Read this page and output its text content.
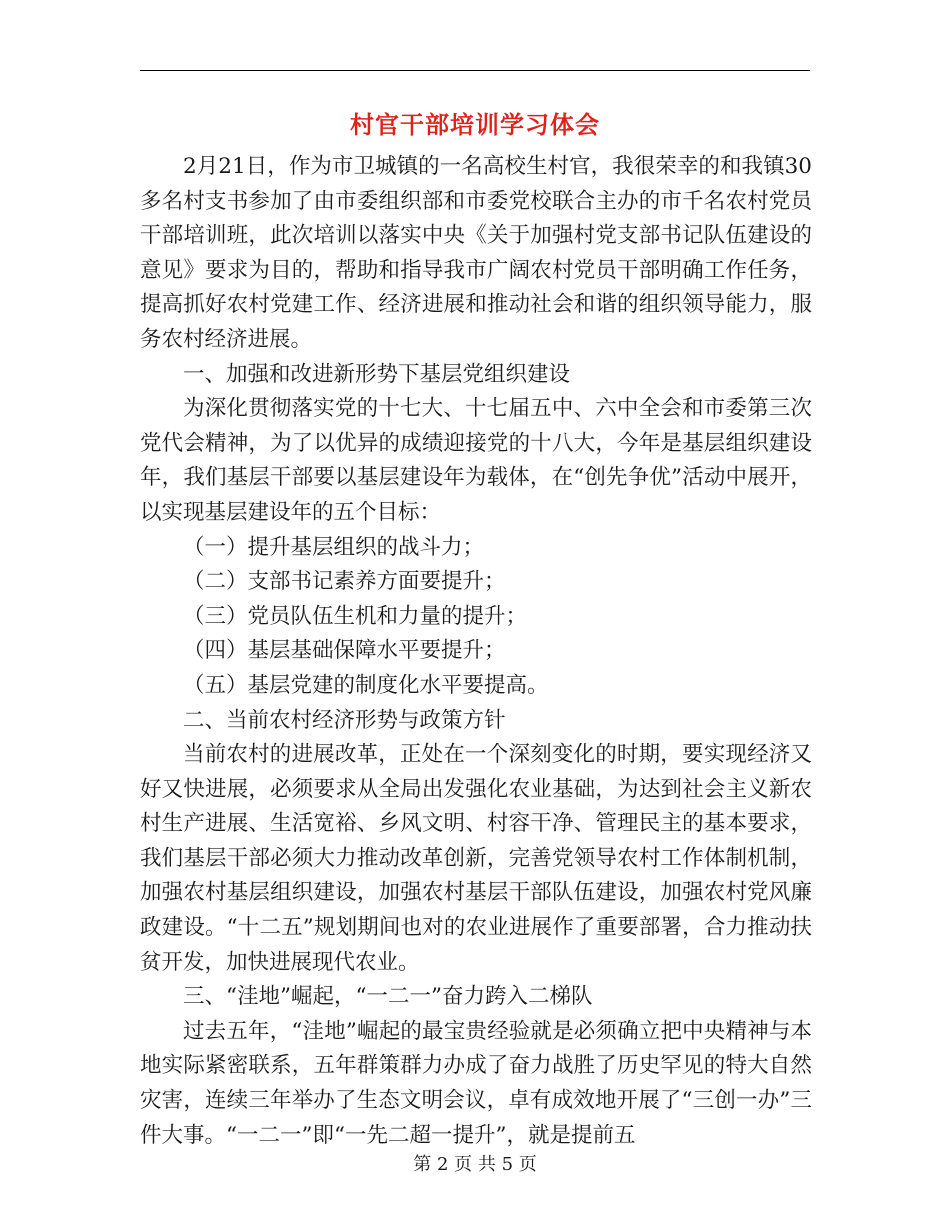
村官干部培训学习体会

2月21日，作为市卫城镇的一名高校生村官，我很荣幸的和我镇30多名村支书参加了由市委组织部和市委党校联合主办的市千名农村党员干部培训班，此次培训以落实中央《关于加强村党支部书记队伍建设的意见》要求为目的，帮助和指导我市广阔农村党员干部明确工作任务，提高抓好农村党建工作、经济进展和推动社会和谐的组织领导能力，服务农村经济进展。

一、加强和改进新形势下基层党组织建设

为深化贯彻落实党的十七大、十七届五中、六中全会和市委第三次党代会精神，为了以优异的成绩迎接党的十八大，今年是基层组织建设年，我们基层干部要以基层建设年为载体，在“创先争优”活动中展开，以实现基层建设年的五个目标：

（一）提升基层组织的战斗力；

（二）支部书记素养方面要提升；

（三）党员队伍生机和力量的提升；

（四）基层基础保障水平要提升；

（五）基层党建的制度化水平要提高。

二、当前农村经济形势与政策方针

当前农村的进展改革，正处在一个深刻变化的时期，要实现经济又好又快进展，必须要求从全局出发强化农业基础，为达到社会主义新农村生产进展、生活宽裕、乡风文明、村容干净、管理民主的基本要求，我们基层干部必须大力推动改革创新，完善党领导农村工作体制机制，加强农村基层组织建设，加强农村基层干部队伍建设，加强农村党风廉政建设。“十二五”规划期间也对的农业进展作了重要部署，合力推动扶贫开发，加快进展现代农业。

三、“洼地”崛起，“一二一”奋力跨入二梯队

过去五年，“洼地”崛起的最宝贵经验就是必须确立把中央精神与本地实际紧密联系，五年群策群力办成了奋力战胜了历史罕见的特大自然灾害，连续三年举办了生态文明会议，卓有成效地开展了“三创一办”三件大事。“一二一”即“一先二超一提升”，就是提前五

第 2 页 共 5 页
